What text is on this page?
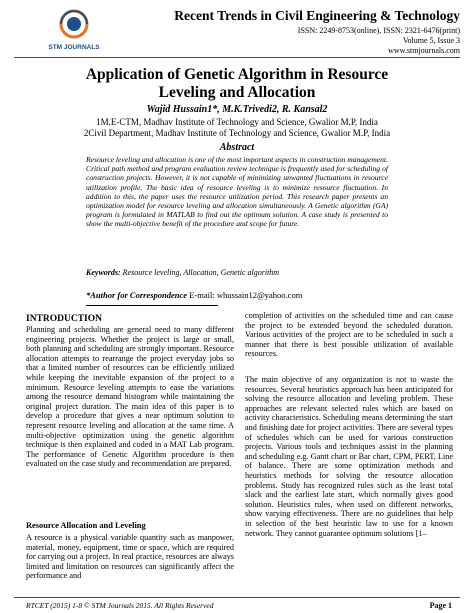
STM JOURNALS
Recent Trends in Civil Engineering & Technology
ISSN: 2249-8753(online), ISSN: 2321-6476(print)
Volume 5, Issue 3
www.stmjournals.com
Application of Genetic Algorithm in Resource
Leveling and Allocation
Wajid Hussain1*, M.K.Trivedi2, R. Kansal2
1M.E-CTM, Madhav Institute of Technology and Science, Gwalior M.P, India
2Civil Department, Madhav Institute of Technology and Science, Gwalior M.P, India
Abstract
Resource leveling and allocation is one of the most important aspects in construction management. Critical path method and program evaluation review technique is frequently used for scheduling of construction projects. However, it is not capable of minimizing unwanted fluctuations in resource utilization profile. The basic idea of resource leveling is to minimize resource fluctuation. In addition to this, the paper uses the resource utilization period. This research paper presents an optimization model for resource leveling and allocation simultaneously. A Genetic algorithm (GA) program is formulated in MATLAB to find out the optimum solution. A case study is presented to show the multi-objective benefit of the procedure and scope for future.
Keywords: Resource leveling, Allocation, Genetic algorithm
*Author for Correspondence E-mail: whussain12@yahoo.com
INTRODUCTION
Planning and scheduling are general need to many different engineering projects. Whether the project is large or small, both planning and scheduling are strongly important. Resource allocation attempts to rearrange the project everyday jobs so that a limited number of resources can be efficiently utilized while keeping the inevitable expansion of the project to a minimum. Resource leveling attempts to ease the variations among the resource demand histogram while maintaining the original project duration. The main idea of this paper is to develop a procedure that gives a near optimum solution to represent resource leveling and allocation at the same time. A multi-objective optimization using the genetic algorithm technique is then explained and coded in a MAT Lab program. The performance of Genetic Algorithm procedure is then evaluated on the case study and recommendation are prepared.
Resource Allocation and Leveling
A resource is a physical variable quantity such as manpower, material, money, equipment, time or space, which are required for carrying out a project. In real practice, resources are always limited and limitation on resources can significantly affect the performance and
completion of activities on the scheduled time and can cause the project to be extended beyond the scheduled duration. Various activities of the project are to be scheduled in such a manner that there is best possible utilization of available resources.
The main objective of any organization is not to waste the resources. Several heuristics approach has been anticipated for solving the resource allocation and leveling problem. These approaches are relevant selected rules which are based on activity characteristics. Scheduling means determining the start and finishing date for project activities. There are several types of schedules which can be used for various construction projects. Various tools and techniques assist in the planning and scheduling e.g. Gantt chart or Bar chart, CPM, PERT, Line of balance. There are some optimization methods and heuristics methods for solving the resource allocation problems. Study has recognized rules such as the least total slack and the earliest late start, which normally gives good solution. Heuristics rules, when used on different networks, show varying effectiveness. There are no guidelines that help in selection of the best heuristic law to use for a known network. They cannot guarantee optimum solutions [1–
RTCET (2015) 1-8 © STM Journals 2015. All Rights Reserved	Page 1
